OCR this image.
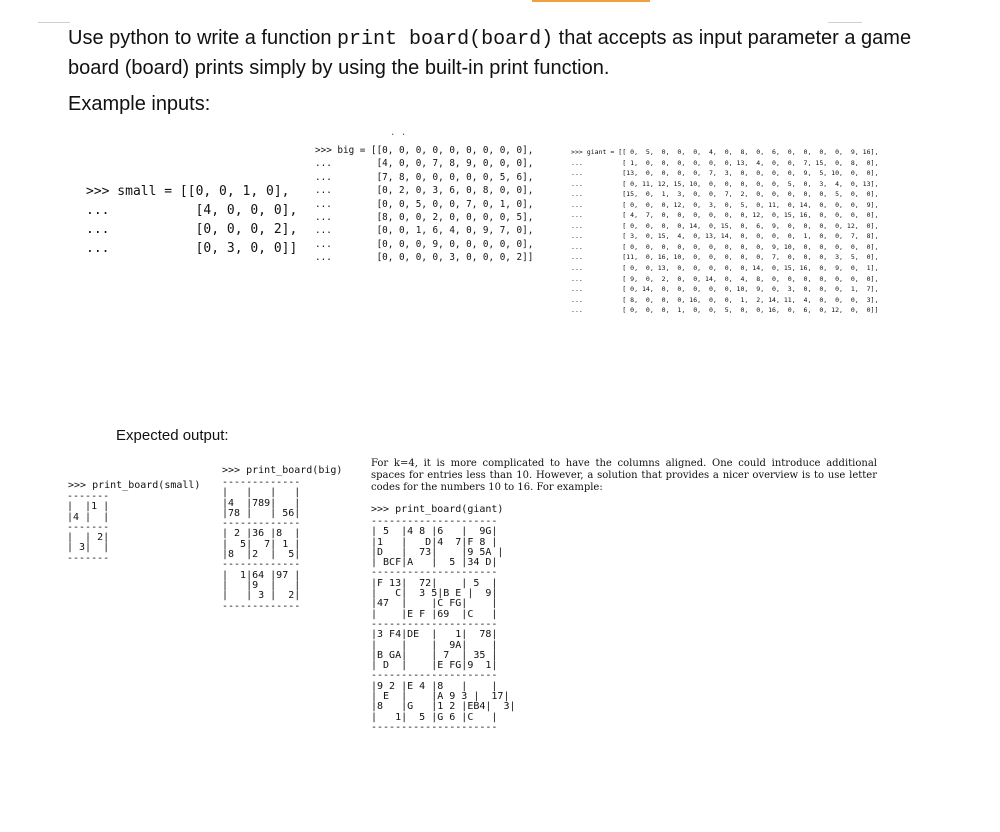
Use python to write a function print board(board) that accepts as input parameter a game board (board) prints simply by using the built-in print function.
Example inputs:
. .
>>> small = [[0, 0, 1, 0],
...           [4, 0, 0, 0],
...           [0, 0, 0, 2],
...           [0, 3, 0, 0]]
>>> big = [[0, 0, 0, 0, 0, 0, 0, 0, 0],
...        [4, 0, 0, 7, 8, 9, 0, 0, 0],
...        [7, 8, 0, 0, 0, 0, 0, 5, 6],
...        [0, 2, 0, 3, 6, 0, 8, 0, 0],
...        [0, 0, 5, 0, 0, 7, 0, 1, 0],
...        [8, 0, 0, 2, 0, 0, 0, 0, 5],
...        [0, 0, 1, 6, 4, 0, 9, 7, 0],
...        [0, 0, 0, 9, 0, 0, 0, 0, 0],
...        [0, 0, 0, 0, 3, 0, 0, 0, 2]]
>>> giant = [[ 0,  5,  0,  0,  0,  4,  0,  8,  0,  6,  0,  0,  0,  0,  9, 16],
...          [ 1,  0,  0,  0,  0,  0,  0, 13,  4,  0,  0,  7, 15,  0,  8,  0],
...          [13,  0,  0,  0,  0,  7,  3,  0,  0,  0,  0,  9,  5, 10,  0,  0],
...          [ 0, 11, 12, 15, 10,  0,  0,  0,  0,  0,  5,  0,  3,  4,  0, 13],
...          [15,  0,  1,  3,  0,  0,  7,  2,  0,  0,  0,  0,  0,  5,  0,  0],
...          [ 0,  0,  0, 12,  0,  3,  0,  5,  0, 11,  0, 14,  0,  0,  0,  9],
...          [ 4,  7,  0,  0,  0,  0,  0,  0, 12,  0, 15, 16,  0,  0,  0,  0],
...          [ 0,  0,  0,  0, 14,  0, 15,  0,  6,  9,  0,  0,  0,  0, 12,  0],
...          [ 3,  0, 15,  4,  0, 13, 14,  0,  0,  0,  0,  1,  0,  0,  7,  8],
...          [ 0,  0,  0,  0,  0,  0,  0,  0,  0,  9, 10,  0,  0,  0,  0,  0],
...          [11,  0, 16, 10,  0,  0,  0,  0,  0,  7,  0,  0,  0,  3,  5,  0],
...          [ 0,  0, 13,  0,  0,  0,  0,  0, 14,  0, 15, 16,  0,  9,  0,  1],
...          [ 9,  0,  2,  0,  0, 14,  0,  4,  8,  0,  0,  0,  0,  0,  0,  0],
...          [ 0, 14,  0,  0,  0,  0,  0, 10,  9,  0,  3,  0,  0,  0,  1,  7],
...          [ 8,  0,  0,  0, 16,  0,  0,  1,  2, 14, 11,  4,  0,  0,  0,  3],
...          [ 0,  0,  0,  1,  0,  0,  5,  0,  0, 16,  0,  6,  0, 12,  0,  0]]
Expected output:
>>> print_board(small)
-------
|  |1 |
|4 |  |
-------
|  | 2|
| 3|  |
-------
>>> print_board(big)
-------------
|   |   |   |
|4  |789|   |
|78 |   | 56|
-------------
| 2 |36 |8  |
|  5|  7| 1 |
|8  |2  |  5|
-------------
|  1|64 |97 |
|   |9  |   |
|   | 3 |  2|
-------------
For k=4, it is more complicated to have the columns aligned. One could introduce additional spaces for entries less than 10. However, a solution that provides a nicer overview is to use letter codes for the numbers 10 to 16. For example:
>>> print_board(giant)
---------------------
| 5  |4 8 |6   |  9G|
|1   |   D|4  7|F 8 |
|D   |  73|    |9 5A |
| BCF|A   |  5 |34 D|
---------------------
|F 13|  72|    | 5  |
|   C|  3 5|B E |  9|
|47  |    |C FG|    |
|    |E F |69  |C   |
---------------------
|3 F4|DE  |   1|  78|
|    |    |  9A|    |
|B GA|    | 7  | 35 |
| D  |    |E FG|9  1|
---------------------
|9 2 |E 4 |8   |    |
| E  |    |A 9 3 |  17|
|8   |G   |1 2 |EB4|  3|
|   1|  5 |G 6 |C   |
---------------------
